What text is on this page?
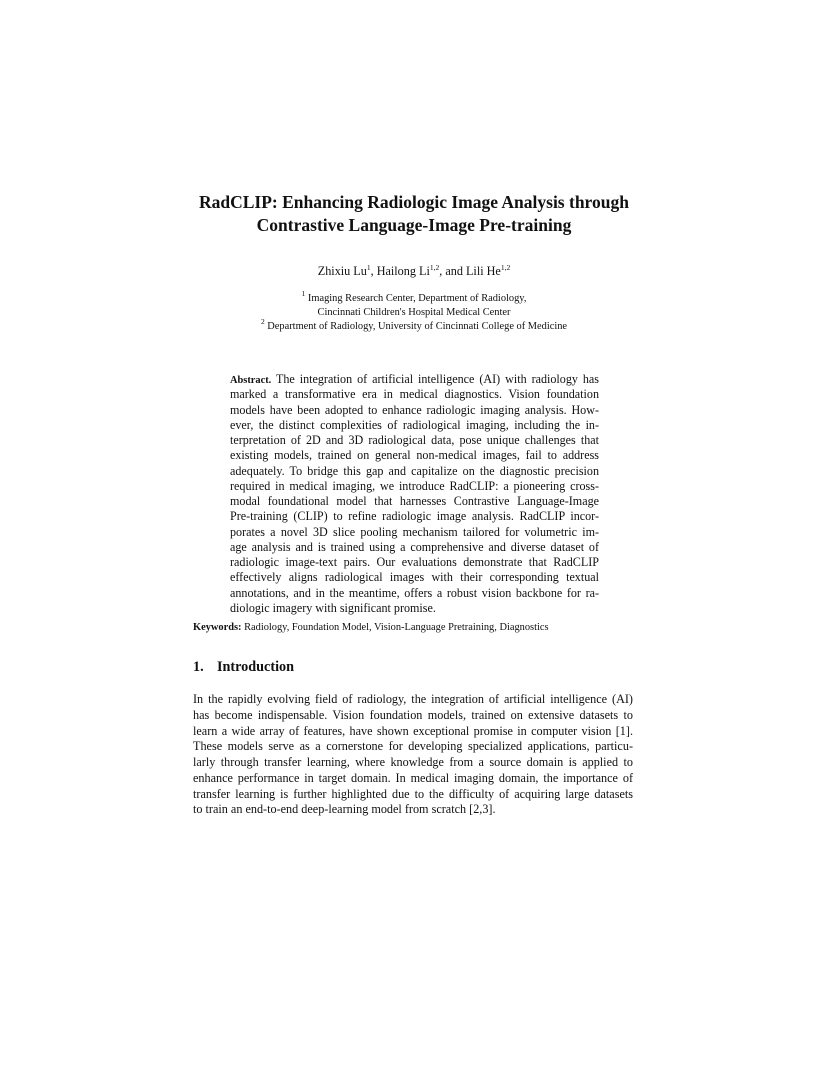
RadCLIP: Enhancing Radiologic Image Analysis through
Contrastive Language-Image Pre-training
Zhixiu Lu$^1$, Hailong Li$^{1,2}$, and Lili He$^{1,2}$
$^1$ Imaging Research Center, Department of Radiology,
Cincinnati Children's Hospital Medical Center
$^2$ Department of Radiology, University of Cincinnati College of Medicine
Abstract. The integration of artificial intelligence (AI) with radiology has
marked a transformative era in medical diagnostics. Vision foundation
models have been adopted to enhance radiologic imaging analysis. How-
ever, the distinct complexities of radiological imaging, including the in-
terpretation of 2D and 3D radiological data, pose unique challenges that
existing models, trained on general non-medical images, fail to address
adequately. To bridge this gap and capitalize on the diagnostic precision
required in medical imaging, we introduce RadCLIP: a pioneering cross-
modal foundational model that harnesses Contrastive Language-Image
Pre-training (CLIP) to refine radiologic image analysis. RadCLIP incor-
porates a novel 3D slice pooling mechanism tailored for volumetric im-
age analysis and is trained using a comprehensive and diverse dataset of
radiologic image-text pairs. Our evaluations demonstrate that RadCLIP
effectively aligns radiological images with their corresponding textual
annotations, and in the meantime, offers a robust vision backbone for ra-
diologic imagery with significant promise.
Keywords: Radiology, Foundation Model, Vision-Language Pretraining, Diagnostics
1. Introduction
In the rapidly evolving field of radiology, the integration of artificial intelligence (AI)
has become indispensable. Vision foundation models, trained on extensive datasets to
learn a wide array of features, have shown exceptional promise in computer vision [1].
These models serve as a cornerstone for developing specialized applications, particu-
larly through transfer learning, where knowledge from a source domain is applied to
enhance performance in target domain. In medical imaging domain, the importance of
transfer learning is further highlighted due to the difficulty of acquiring large datasets
to train an end-to-end deep-learning model from scratch [2,3].
